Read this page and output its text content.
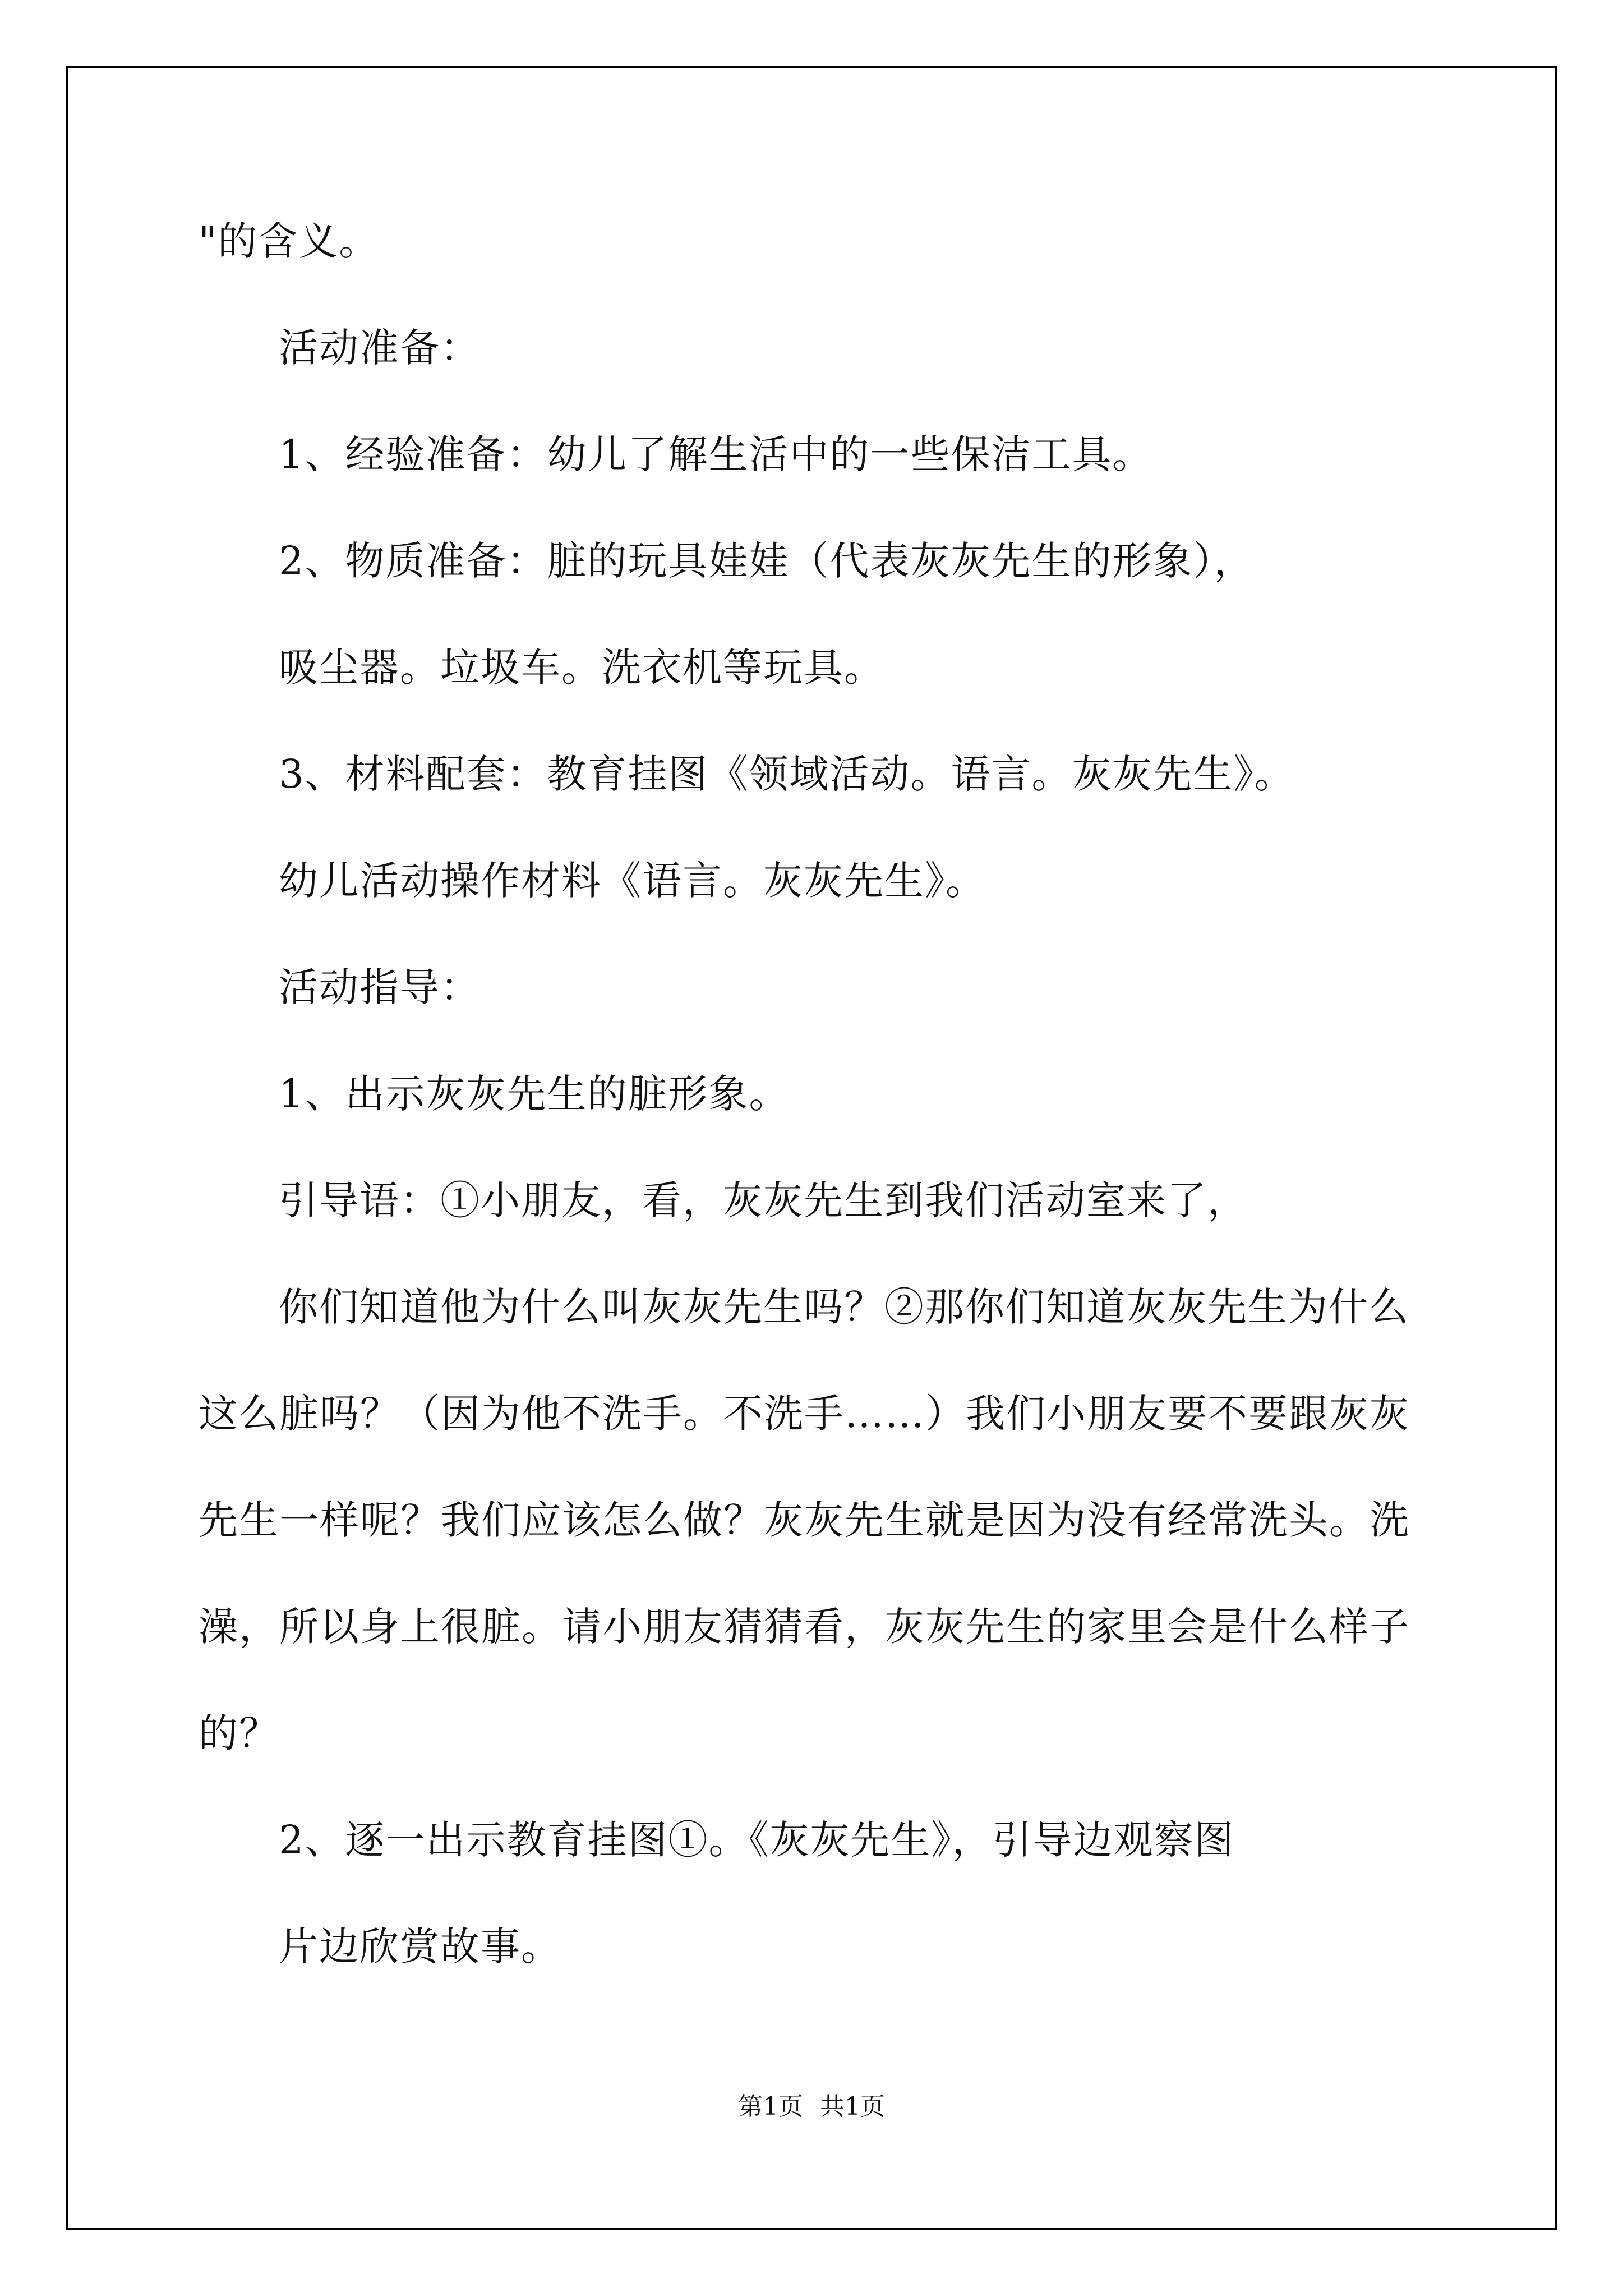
"的含义。
活动准备：
1、经验准备：幼儿了解生活中的一些保洁工具。
2、物质准备：脏的玩具娃娃（代表灰灰先生的形象），
吸尘器。垃圾车。洗衣机等玩具。
3、材料配套：教育挂图《领域活动。语言。灰灰先生》。
幼儿活动操作材料《语言。灰灰先生》。
活动指导：
1、出示灰灰先生的脏形象。
引导语：①小朋友，看，灰灰先生到我们活动室来了，
你们知道他为什么叫灰灰先生吗？②那你们知道灰灰先生为什么
这么脏吗？（因为他不洗手。不洗手……）我们小朋友要不要跟灰灰
先生一样呢？我们应该怎么做？灰灰先生就是因为没有经常洗头。洗
澡，所以身上很脏。请小朋友猜猜看，灰灰先生的家里会是什么样子
的？
2、逐一出示教育挂图①。《灰灰先生》，引导边观察图
片边欣赏故事。
第1页 共1页
